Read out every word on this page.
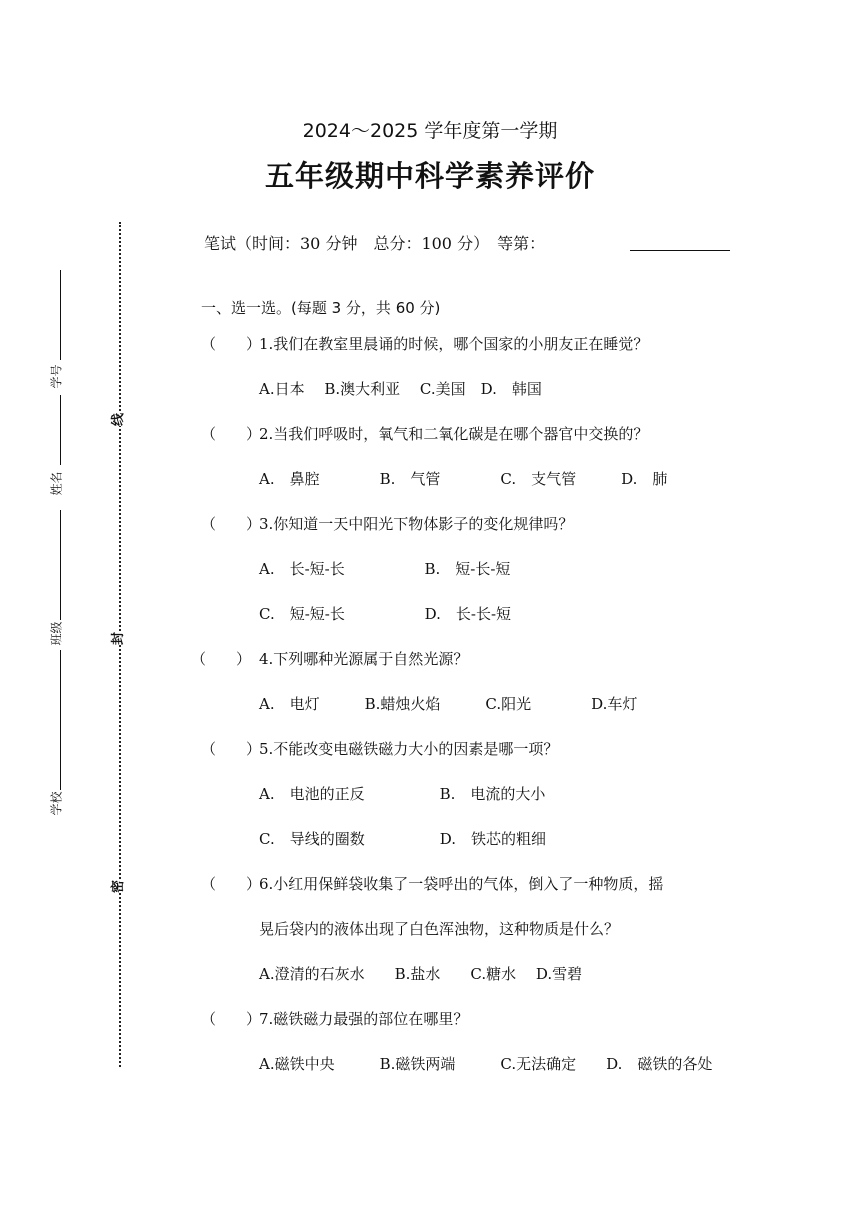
线
封
密
学号
姓名
班级
学校
2024～2025 学年度第一学期
五年级期中科学素养评价
笔试（时间：30 分钟　总分：100 分）　等第：
一、选一选。(每题 3 分，共 60 分)
（　　）
1.我们在教室里晨诵的时候，哪个国家的小朋友正在睡觉？
A.日本　 B.澳大利亚　 C.美国　D.　韩国
（　　）
2.当我们呼吸时，氧气和二氧化碳是在哪个器官中交换的？
A.　鼻腔　　　　B.　气管　　　　C.　支气管　　　D.　肺
（　　）
3.你知道一天中阳光下物体影子的变化规律吗？
A.　长-短-长　　　　　 B.　短-长-短
C.　短-短-长　　　　　 D.　长-长-短
（　　） 4.下列哪种光源属于自然光源？
A.　电灯　　　B.蜡烛火焰　　　C.阳光　　　　D.车灯
（　　）
5.不能改变电磁铁磁力大小的因素是哪一项？
A.　电池的正反　　　　　B.　电流的大小
C.　导线的圈数　　　　　D.　铁芯的粗细
（　　）
6.小红用保鲜袋收集了一袋呼出的气体，倒入了一种物质，摇
晃后袋内的液体出现了白色浑浊物，这种物质是什么？
A.澄清的石灰水　　B.盐水　　C.糖水　 D.雪碧
（　　）
7.磁铁磁力最强的部位在哪里？
A.磁铁中央　　　B.磁铁两端　　　C.无法确定　　D.　磁铁的各处
